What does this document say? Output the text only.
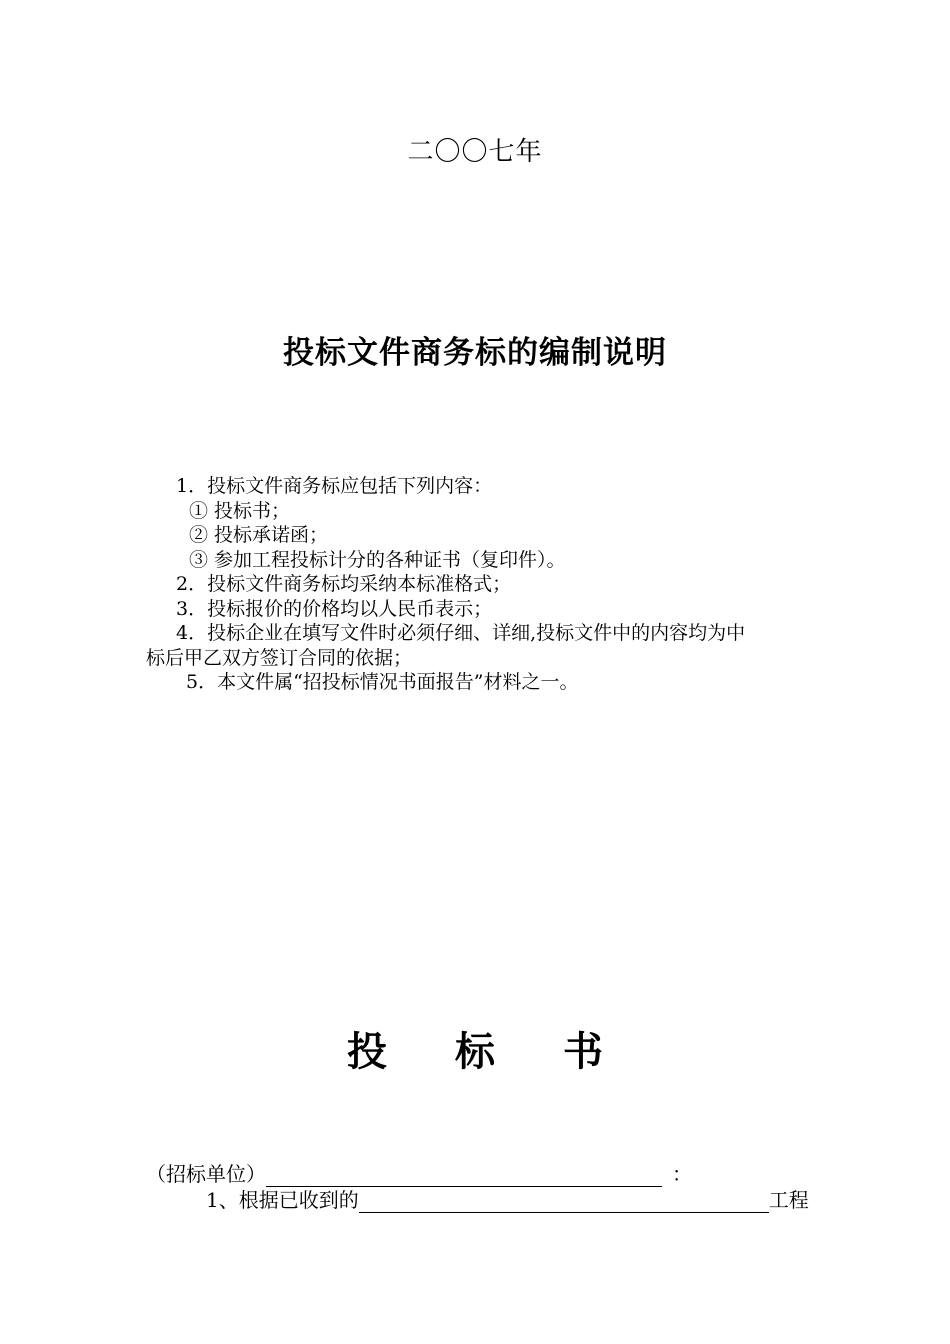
二〇〇七年
投标文件商务标的编制说明
1．投标文件商务标应包括下列内容：
① 投标书；
② 投标承诺函；
③ 参加工程投标计分的各种证书（复印件）。
2．投标文件商务标均采纳本标准格式；
3．投标报价的价格均以人民币表示；
4．投标企业在填写文件时必须仔细、详细,投标文件中的内容均为中
标后甲乙双方签订合同的依据；
5．本文件属“招投标情况书面报告”材料之一。
投 标 书
（招标单位）	：
1、根据已收到的	工程
